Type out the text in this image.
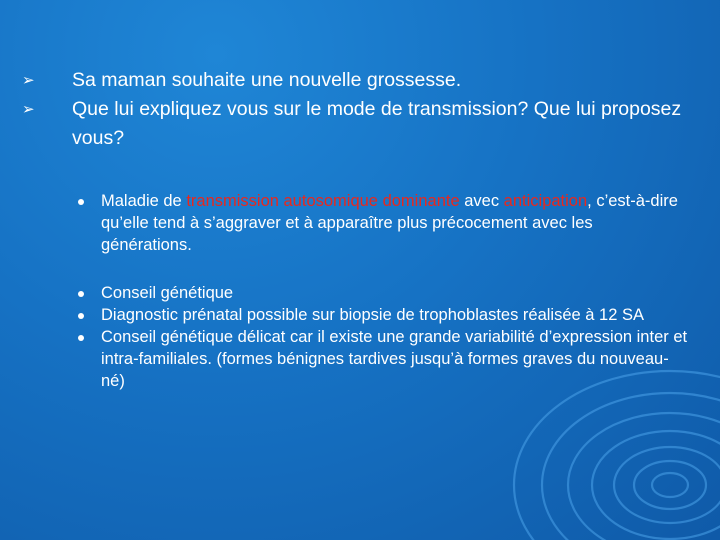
➢ Sa maman souhaite une nouvelle grossesse.
➢ Que lui expliquez vous sur le mode de transmission? Que lui proposez vous?
Maladie de transmission autosomique dominante avec anticipation, c’est-à-dire qu’elle tend à s’aggraver et à apparaître plus précocement avec les générations.
Conseil génétique
Diagnostic prénatal possible sur biopsie de trophoblastes réalisée à 12 SA
Conseil génétique délicat car il existe une grande variabilité d’expression inter et intra-familiales. (formes bénignes tardives jusqu’à formes graves du nouveau-né)
